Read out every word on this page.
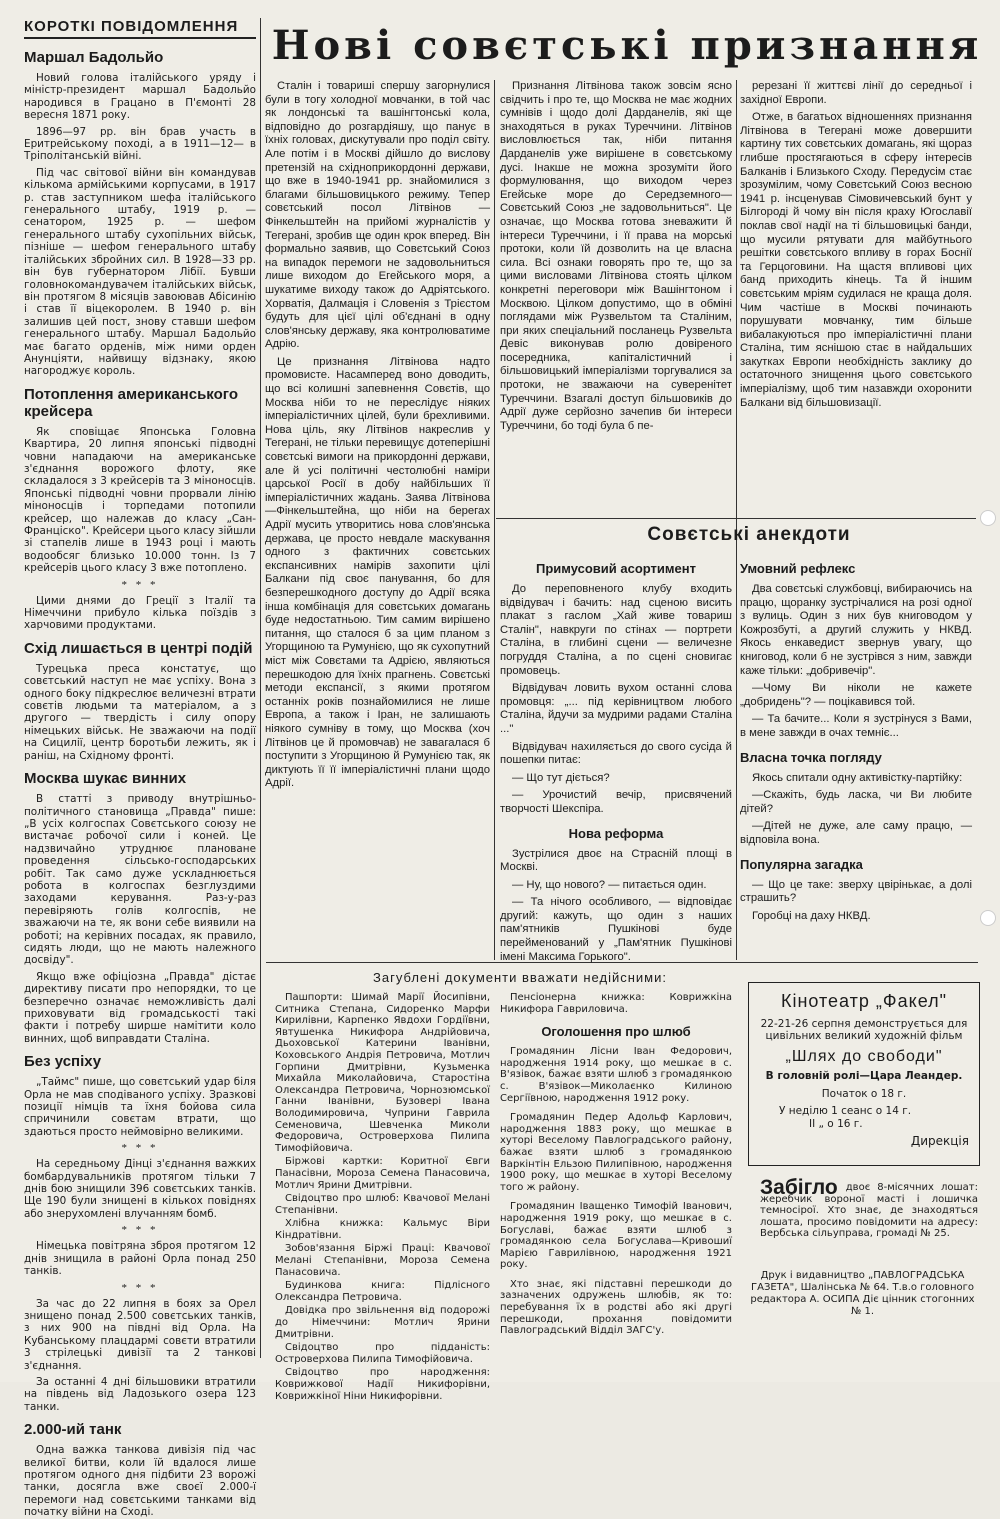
КОРОТКІ ПОВІДОМЛЕННЯ
Маршал Бадольйо

Новий голова італійського уряду і міністр-президент маршал Бадольйо народився в Грацано в П'ємонті 28 вересня 1871 року.

1896—97 рр. він брав участь в Еритрейському поході, а в 1911—12— в Тріполітанській війні.

Під час світової війни він командував кількома армійськими корпусами, в 1917 р. став заступником шефа італійського генерального штабу, 1919 р. — сенатором, 1925 р. — шефом генерального штабу сухопільних військ, пізніше — шефом генерального штабу італійських збройних сил. В 1928—33 рр. він був губернатором Лібії. Бувши головнокомандувачем італійських військ, він протягом 8 місяців завоював Абісинію і став її віцекоролем. В 1940 р. він залишив цей пост, знову ставши шефом генерального штабу. Маршал Бадольйо має багато орденів, між ними орден Анунціяти, найвищу відзнаку, якою нагороджує король.

Потоплення американського крейсера

Як сповіщає Японська Головна Квартира, 20 липня японські підводні човни нападаючи на американське з'єднання ворожого флоту, яке складалося з 3 крейсерів та 3 міноносців. Японські підводні човни прорвали лінію міноносців і торпедами потопили крейсер, що належав до класу „Сан-Франціско". Крейсери цього класу зійшли зі стапелів лише в 1943 році і мають водообсяг близько 10.000 тонн. Із 7 крейсерів цього класу 3 вже потоплено.

* * *

Цими днями до Греції з Італії та Німеччини прибуло кілька поїздів з харчовими продуктами.

Схід лишається в центрі подій

Турецька преса констатує, що совєтський наступ не має успіху. Вона з одного боку підкреслює величезні втрати совєтів людьми та матеріалом, а з другого — твердість і силу опору німецьких військ. Не зважаючи на події на Сицилії, центр боротьби лежить, як і раніш, на Східному фронті.

Москва шукає винних

В статті з приводу внутрішньо-політичного становища „Правда" пише: „В усіх колгоспах Совєтського союзу не вистачає робочої сили і коней. Це надзвичайно утруднює плановане проведення сільсько-господарських робіт. Так само дуже ускладнюється робота в колгоспах безглуздими заходами керування. Раз-у-раз перевіряють голів колгоспів, не зважаючи на те, як вони себе виявили на роботі; на керівних посадах, як правило, сидять люди, що не мають належного досвіду".

Якщо вже офіціозна „Правда" дістає директиву писати про непорядки, то це безперечно означає неможливість далі приховувати від громадськості такі факти і потребу ширше намітити коло винних, щоб виправдати Сталіна.

Без успіху

„Таймс" пише, що совєтський удар біля Орла не мав сподіваного успіху. Зразкові позиції німців та їхня бойова сила спричинили совєтам втрати, що здаються просто неймовірно великими.

* * *

На середньому Дінці з'єднання важких бомбардувальників протягом тільки 7 днів бою знищили 396 совєтських танків. Ще 190 були знищені в кількох повіднях або знерухомлені влучанням бомб.

* * *

Німецька повітряна зброя протягом 12 днів знищила в районі Орла понад 250 танків.

* * *

За час до 22 липня в боях за Орел знищено понад 2.500 совєтських танків, з них 900 на півдні від Орла. На Кубанському плацдармі совєти втратили 3 стрілецькі дивізії та 2 танкові з'єднання.

За останні 4 дні більшовики втратили на південь від Ладозького озера 123 танки.

2.000-ий танк

Одна важка танкова дивізія під час великої битви, коли їй вдалося лише протягом одного дня підбити 23 ворожі танки, досягла вже своєї 2.000-ї перемоги над совєтськими танками від початку війни на Сході.

Нові совєтські признання

Сталін і товариші спершу загорнулися були в тогу холодної мовчанки, в той час як лондонські та вашінгтонські кола, відповідно до розгардіяшу, що панує в їхніх головах, дискутували про поділ світу. Але потім і в Москві дійшло до вислову претензій на східноприкордонні держави, що вже в 1940-1941 рр. знайомилися з благами більшовицького режиму. Тепер совєтський посол Літвінов — Фінкельштейн на прийомі журналістів у Тегерані, зробив ще один крок вперед. Він формально заявив, що Совєтський Союз на випадок перемоги не задовольниться лише виходом до Егейського моря, а шукатиме виходу також до Адріятського. Хорватія, Далмація і Словенія з Трієстом будуть для цієї цілі об'єднані в одну слов'янську державу, яка контролюватиме Адрію.

Це признання Літвінова надто промовисте. Насамперед воно доводить, що всі колишні запевнення Совєтів, що Москва ніби то не переслідує ніяких імперіалістичних цілей, були брехливими. Нова ціль, яку Літвінов накреслив у Тегерані, не тільки перевищує дотеперішні совєтські вимоги на прикордонні держави, але й усі політичні честолюбні наміри царської Росії в добу найбільших її імперіалістичних жадань. Заява Літвінова—Фінкельштейна, що ніби на берегах Адрії мусить утворитись нова слов'янська держава, це просто невдале маскування одного з фактичних совєтських експансивних намірів захопити цілі Балкани під своє панування, бо для безперешкодного доступу до Адрії всяка інша комбінація для совєтських домагань буде недостатньою. Тим самим вирішено питання, що сталося б за цим планом з Угорщиною та Румунією, що як сухопутний міст між Совєтами та Адрією, являються перешкодою для їхніх прагнень. Совєтські методи експансії, з якими протягом останніх років познайомилися не лише Европа, а також і Іран, не залишають ніякого сумніву в тому, що Москва (хоч Літвінов це й промовчав) не завагалася б поступити з Угорщиною й Румунією так, як диктують її її імперіалістичні плани щодо Адрії.

Признання Літвінова також зовсім ясно свідчить і про те, що Москва не має жодних сумнівів і щодо долі Дарданелів, які ще знаходяться в руках Туреччини. Літвінов висловлюється так, ніби питання Дарданелів уже вирішене в совєтському дусі. Інакше не можна зрозуміти його формулювання, що виходом через Егейське море до Середземного—Совєтський Союз „не задовольниться". Це означає, що Москва готова зневажити й інтереси Туреччини, і її права на морські протоки, коли їй дозволить на це власна сила. Всі ознаки говорять про те, що за цими висловами Літвінова стоять цілком конкретні переговори між Вашінгтоном і Москвою. Цілком допустимо, що в обміні поглядами між Рузвельтом та Сталіним, при яких спеціальний посланець Рузвельта Девіс виконував ролю довіреного посередника, капіталістичний і більшовицький імперіалізми торгувалися за протоки, не зважаючи на суверенітет Туреччини. Взагалі доступ більшовиків до Адрії дуже серйозно зачепив би інтереси Туреччини, бо тоді була б пе-

ререзані її життєві лінії до середньої і західної Европи.

Отже, в багатьох відношеннях признання Літвінова в Тегерані може довершити картину тих совєтських домагань, які щораз глибше простягаються в сферу інтересів Балканів і Близького Сходу. Передусім стає зрозумілим, чому Совєтський Союз весною 1941 р. інсценував Сімовичевський бунт у Білгороді й чому він після краху Югославії поклав свої надії на ті більшовицькі банди, що мусили рятувати для майбутнього решітки совєтського впливу в горах Боснії та Герцоговини. На щастя впливові цих банд приходить кінець. Та й іншим совєтським мріям судилася не краща доля. Чим частіше в Москві починають порушувати мовчанку, тим більше вибалакуються про імперіалістичні плани Сталіна, тим яснішою стає в найдальших закутках Европи необхідність заклику до остаточного знищення цього совєтського імперіалізму, щоб тим назавжди охоронити Балкани від більшовизації.

Совєтські анекдоти
Примусовий асортимент

До переповненого клубу входить відвідувач і бачить: над сценою висить плакат з гаслом „Хай живе товариш Сталін", навкруги по стінах — портрети Сталіна, в глибині сцени — величезне погруддя Сталіна, а по сцені сновигає промовець.

Відвідувач ловить вухом останні слова промовця: „... під керівництвом любого Сталіна, йдучи за мудрими радами Сталіна ..."

Відвідувач нахиляється до свого сусіда й пошепки питає:

— Що тут діється?

— Урочистий вечір, присвячений творчості Шекспіра.

Нова реформа

Зустрілися двоє на Страсній площі в Москві.

— Ну, що нового? — питається один.

— Та нічого особливого, — відповідає другий: кажуть, що один з наших пам'ятників Пушкінові буде перейменований у „Пам'ятник Пушкінові імені Максима Горького".

Умовний рефлекс

Два совєтські службовці, вибираючись на працю, щоранку зустрічалися на розі одної з вулиць. Один з них був книговодом у Кожрозбуті, а другий служить у НКВД. Якось енкаведист звернув увагу, що книговод, коли б не зустрівся з ним, завжди каже тільки: „добривечір".

—Чому Ви ніколи не кажете „добридень"? — поцікавився той.

— Та бачите... Коли я зустрінуся з Вами, в мене завжди в очах темніє...

Власна точка погляду

Якось спитали одну активістку-партійку:

—Скажіть, будь ласка, чи Ви любите дітей?

—Дітей не дуже, але саму працю, — відповіла вона.

Популярна загадка

— Що це таке: зверху цвірінькає, а долі страшить?

Горобці на даху НКВД.

Загублені документи вважати недійсними:

Пашпорти: Шимай Марії Йосипівни, Ситника Степана, Сидоренко Марфи Кирилівни, Карпенко Явдохи Гордіївни, Явтушенка Никифора Андрійовича, Дьоховської Катерини Іванівни, Коховського Андрія Петровича, Мотлич Горпини Дмитрівни, Кузьменка Михайла Миколайовича, Старостіна Олександра Петровича, Чорнозюмської Ганни Іванівни, Бузовері Івана Володимировича, Чуприни Гаврила Семеновича, Шевченка Миколи Федоровича, Островерхова Пилипа Тимофійовича.

Біржові картки: Коритної Євги Панасівни, Мороза Семена Панасовича, Мотлич Ярини Дмитрівни.

Свідоцтво про шлюб: Квачової Мелані Степанівни.

Хлібна книжка: Кальмус Віри Кіндратівни.

Зобов'язання Біржі Праці: Квачової Мелані Степанівни, Мороза Семена Панасовича.

Будинкова книга: Підлісного Олександра Петровича.

Довідка про звільнення від подорожі до Німеччини: Мотлич Ярини Дмитрівни.

Свідоцтво про підданість: Островерхова Пилипа Тимофійовича.

Свідоцтво про народження: Коврижкової Надії Никифорівни, Коврижкіної Ніни Никифорівни.

Пенсіонерна книжка: Коврижкіна Никифора Гавриловича.

Оголошення про шлюб

Громадянин Лісни Іван Федорович, народження 1914 року, що мешкає в с. В'язівок, бажає взяти шлюб з громадянкою с. В'язівок—Миколаєнко Килиною Сергіївною, народження 1912 року.

Громадянин Педер Адольф Карлович, народження 1883 року, що мешкає в хуторі Веселому Павлоградського району, бажає взяти шлюб з громадянкою Варкінтін Ельзою Пилипівною, народження 1900 року, що мешкає в хуторі Веселому того ж району.

Громадянин Іващенко Тимофій Іванович, народження 1919 року, що мешкає в с. Богуславі, бажає взяти шлюб з громадянкою села Богуслава—Кривошиї Марією Гаврилівною, народження 1921 року.

Хто знає, які підставні перешкоди до зазначених одружень шлюбів, як то: перебування їх в родстві або які другі перешкоди, прохання повідомити Павлоградський Відділ ЗАГС'у.

Кінотеатр „Факел"
22-21-26 серпня демонструється для цивільних великий художній фільм
„Шлях до свободи"
В головній ролі—Цара Леандер.
Початок о 18 г.
У неділю 1 сеанс о 14 г.
II „ о 16 г.
Дирекція
Забігло двоє 8-місячних лошат: жеребчик вороної масті і лошичка темносірої. Хто знає, де знаходяться лошата, просимо повідомити на адресу: Вербська сільуправа, громаді № 25.
Друк і видавництво „ПАВЛОГРАДСЬКА ГАЗЕТА", Шалінська № 64. Т.в.о головного редактора А. ОСИПА Діє цінник стогонних № 1.
